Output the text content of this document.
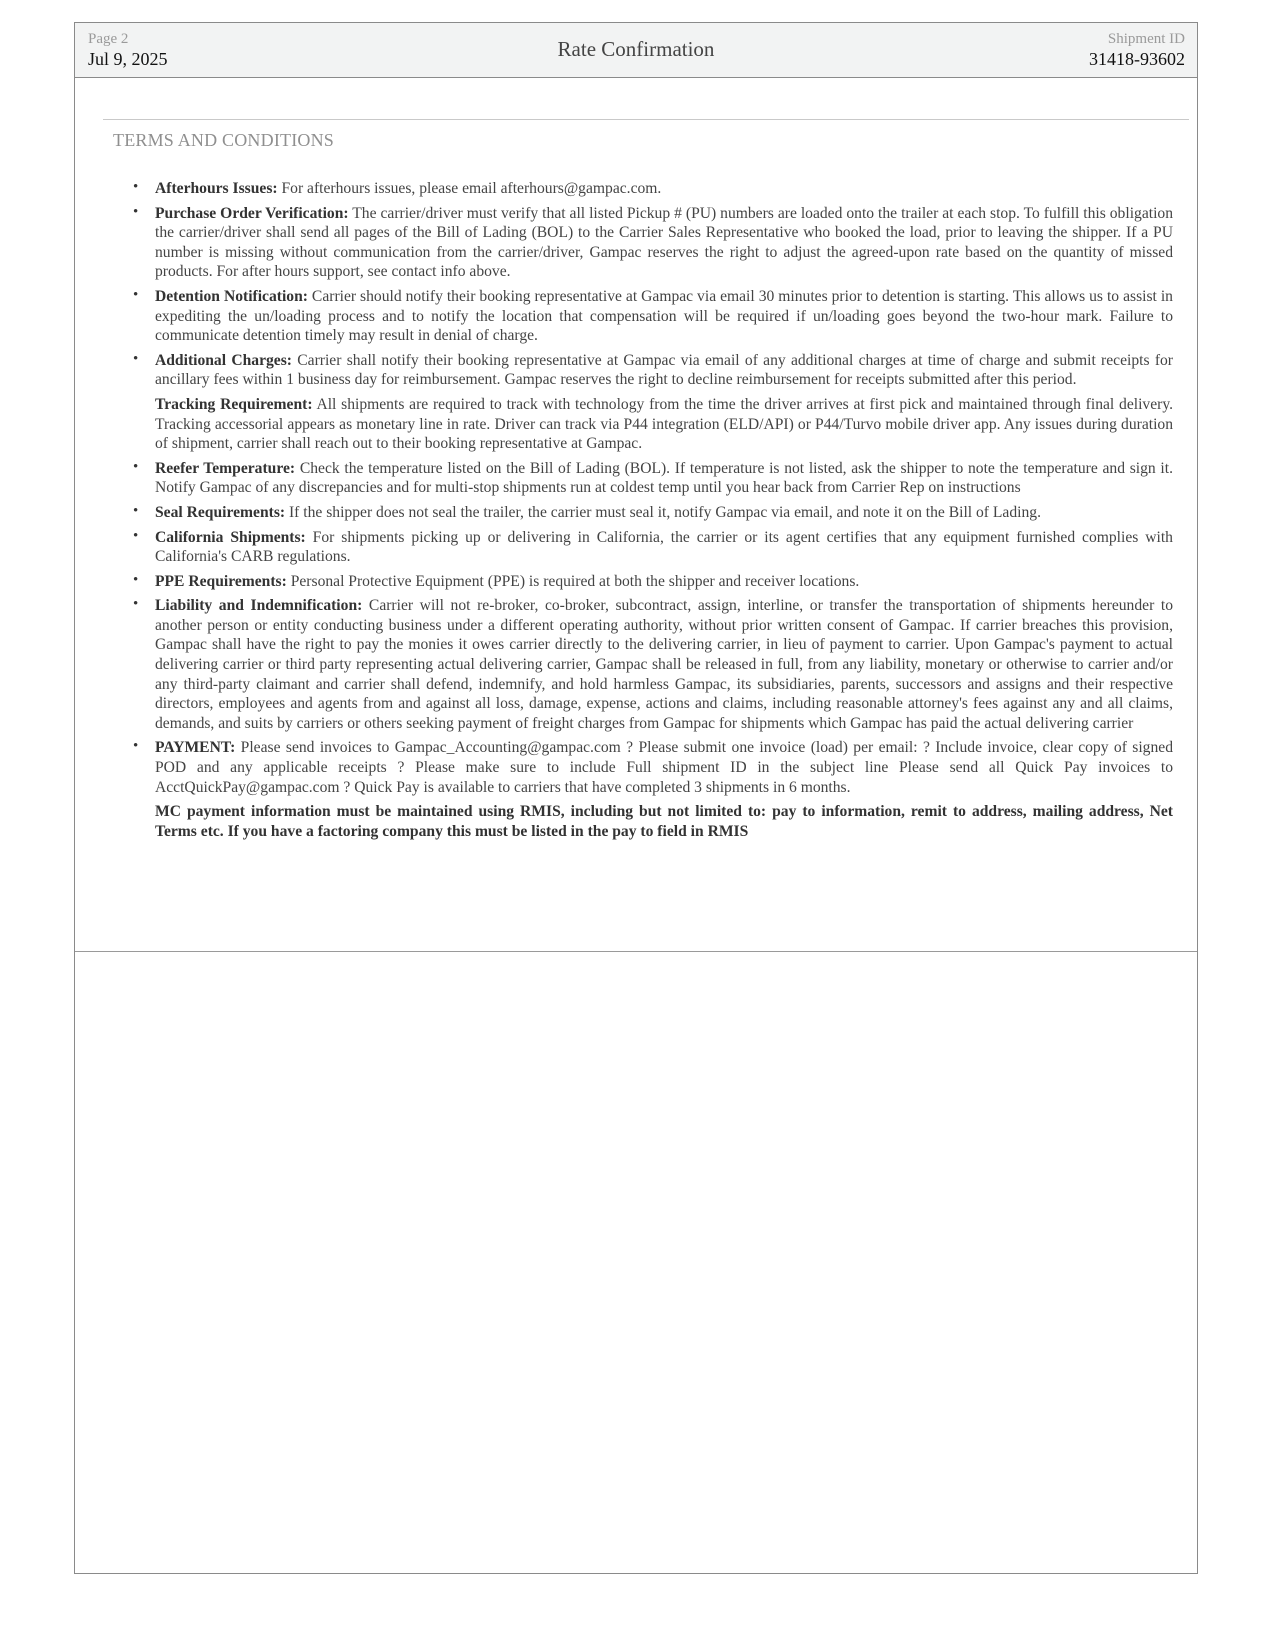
Page 2
Jul 9, 2025	Rate Confirmation	Shipment ID
31418-93602
TERMS AND CONDITIONS
• Afterhours Issues: For afterhours issues, please email afterhours@gampac.com.
• Purchase Order Verification: The carrier/driver must verify that all listed Pickup # (PU) numbers are loaded onto the trailer at each stop. To fulfill this obligation the carrier/driver shall send all pages of the Bill of Lading (BOL) to the Carrier Sales Representative who booked the load, prior to leaving the shipper. If a PU number is missing without communication from the carrier/driver, Gampac reserves the right to adjust the agreed-upon rate based on the quantity of missed products. For after hours support, see contact info above.
• Detention Notification: Carrier should notify their booking representative at Gampac via email 30 minutes prior to detention is starting. This allows us to assist in expediting the un/loading process and to notify the location that compensation will be required if un/loading goes beyond the two-hour mark. Failure to communicate detention timely may result in denial of charge.
• Additional Charges: Carrier shall notify their booking representative at Gampac via email of any additional charges at time of charge and submit receipts for ancillary fees within 1 business day for reimbursement. Gampac reserves the right to decline reimbursement for receipts submitted after this period.
Tracking Requirement: All shipments are required to track with technology from the time the driver arrives at first pick and maintained through final delivery. Tracking accessorial appears as monetary line in rate. Driver can track via P44 integration (ELD/API) or P44/Turvo mobile driver app. Any issues during duration of shipment, carrier shall reach out to their booking representative at Gampac.
• Reefer Temperature: Check the temperature listed on the Bill of Lading (BOL). If temperature is not listed, ask the shipper to note the temperature and sign it. Notify Gampac of any discrepancies and for multi-stop shipments run at coldest temp until you hear back from Carrier Rep on instructions
• Seal Requirements: If the shipper does not seal the trailer, the carrier must seal it, notify Gampac via email, and note it on the Bill of Lading.
• California Shipments: For shipments picking up or delivering in California, the carrier or its agent certifies that any equipment furnished complies with California's CARB regulations.
• PPE Requirements: Personal Protective Equipment (PPE) is required at both the shipper and receiver locations.
• Liability and Indemnification: Carrier will not re-broker, co-broker, subcontract, assign, interline, or transfer the transportation of shipments hereunder to another person or entity conducting business under a different operating authority, without prior written consent of Gampac. If carrier breaches this provision, Gampac shall have the right to pay the monies it owes carrier directly to the delivering carrier, in lieu of payment to carrier. Upon Gampac's payment to actual delivering carrier or third party representing actual delivering carrier, Gampac shall be released in full, from any liability, monetary or otherwise to carrier and/or any third-party claimant and carrier shall defend, indemnify, and hold harmless Gampac, its subsidiaries, parents, successors and assigns and their respective directors, employees and agents from and against all loss, damage, expense, actions and claims, including reasonable attorney's fees against any and all claims, demands, and suits by carriers or others seeking payment of freight charges from Gampac for shipments which Gampac has paid the actual delivering carrier
• PAYMENT: Please send invoices to Gampac_Accounting@gampac.com ? Please submit one invoice (load) per email: ? Include invoice, clear copy of signed POD and any applicable receipts ? Please make sure to include Full shipment ID in the subject line Please send all Quick Pay invoices to AcctQuickPay@gampac.com ? Quick Pay is available to carriers that have completed 3 shipments in 6 months.
MC payment information must be maintained using RMIS, including but not limited to: pay to information, remit to address, mailing address, Net Terms etc. If you have a factoring company this must be listed in the pay to field in RMIS
